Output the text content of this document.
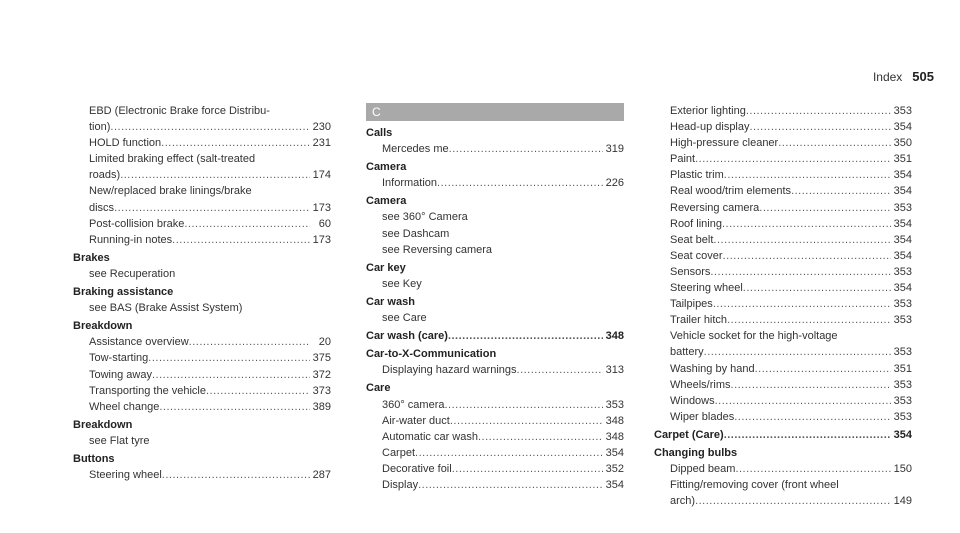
Index 505
EBD (Electronic Brake force Distribu-
tion) .....	230
HOLD function .....	231
Limited braking effect (salt-treated
roads) .....	174
New/replaced brake linings/brake
discs .....	173
Post-collision brake .....	60
Running-in notes .....	173
Brakes
see Recuperation
Braking assistance
see BAS (Brake Assist System)
Breakdown
Assistance overview .....	20
Tow-starting .....	375
Towing away .....	372
Transporting the vehicle .....	373
Wheel change .....	389
Breakdown
see Flat tyre
Buttons
Steering wheel .....	287
C
Calls
Mercedes me .....	319
Camera
Information .....	226
Camera
see 360° Camera
see Dashcam
see Reversing camera
Car key
see Key
Car wash
see Care
Car wash (care) .....	348
Car-to-X-Communication
Displaying hazard warnings .....	313
Care
360° camera .....	353
Air-water duct .....	348
Automatic car wash .....	348
Carpet .....	354
Decorative foil .....	352
Display .....	354
Exterior lighting .....	353
Head-up display .....	354
High-pressure cleaner .....	350
Paint .....	351
Plastic trim .....	354
Real wood/trim elements .....	354
Reversing camera .....	353
Roof lining .....	354
Seat belt .....	354
Seat cover .....	354
Sensors .....	353
Steering wheel .....	354
Tailpipes .....	353
Trailer hitch .....	353
Vehicle socket for the high-voltage
battery .....	353
Washing by hand .....	351
Wheels/rims .....	353
Windows .....	353
Wiper blades .....	353
Carpet (Care) .....	354
Changing bulbs
Dipped beam .....	150
Fitting/removing cover (front wheel
arch) .....	149
